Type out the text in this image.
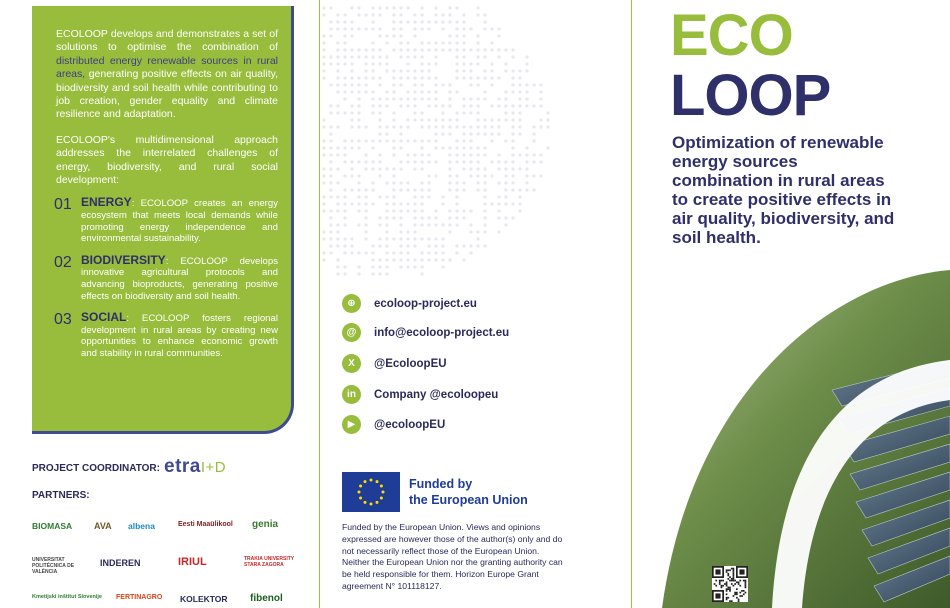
ECOLOOP develops and demonstrates a set of solutions to optimise the combination of distributed energy renewable sources in rural areas, generating positive effects on air quality, biodiversity and soil health while contributing to job creation, gender equality and climate resilience and adaptation.

ECOLOOP's multidimensional approach addresses the interrelated challenges of energy, biodiversity, and rural social development:

01 ENERGY: ECOLOOP creates an energy ecosystem that meets local demands while promoting energy independence and environmental sustainability.
02 BIODIVERSITY: ECOLOOP develops innovative agricultural protocols and advancing bioproducts, generating positive effects on biodiversity and soil health.
03 SOCIAL: ECOLOOP fosters regional development in rural areas by creating new opportunities to enhance economic growth and stability in rural communities.
PROJECT COORDINATOR: etraI+D
PARTNERS:
BIOMASA AVA albena	Eesti Maaülikool genia
UNIVERSITAT POLITÈCNICA DE VALÈNCIA
INDEREN	IRIUL	TRAKIA UNIVERSITY STARA ZAGORA
Kmetijski inštitut Slovenije FERTINAGRO KOLEKTOR fibenol
⊕	ecoloop-project.eu
@	info@ecoloop-project.eu
X	@EcoloopEU
in	Company @ecoloopeu
▶	@ecoloopEU
Funded by
the European Union

Funded by the European Union. Views and opinions expressed are however those of the author(s) only and do not necessarily reflect those of the European Union. Neither the European Union nor the granting authority can be held responsible for them. Horizon Europe Grant agreement N° 101118127.

ECO
LOOP
Optimization of renewable energy sources combination in rural areas to create positive effects in air quality, biodiversity, and soil health.
